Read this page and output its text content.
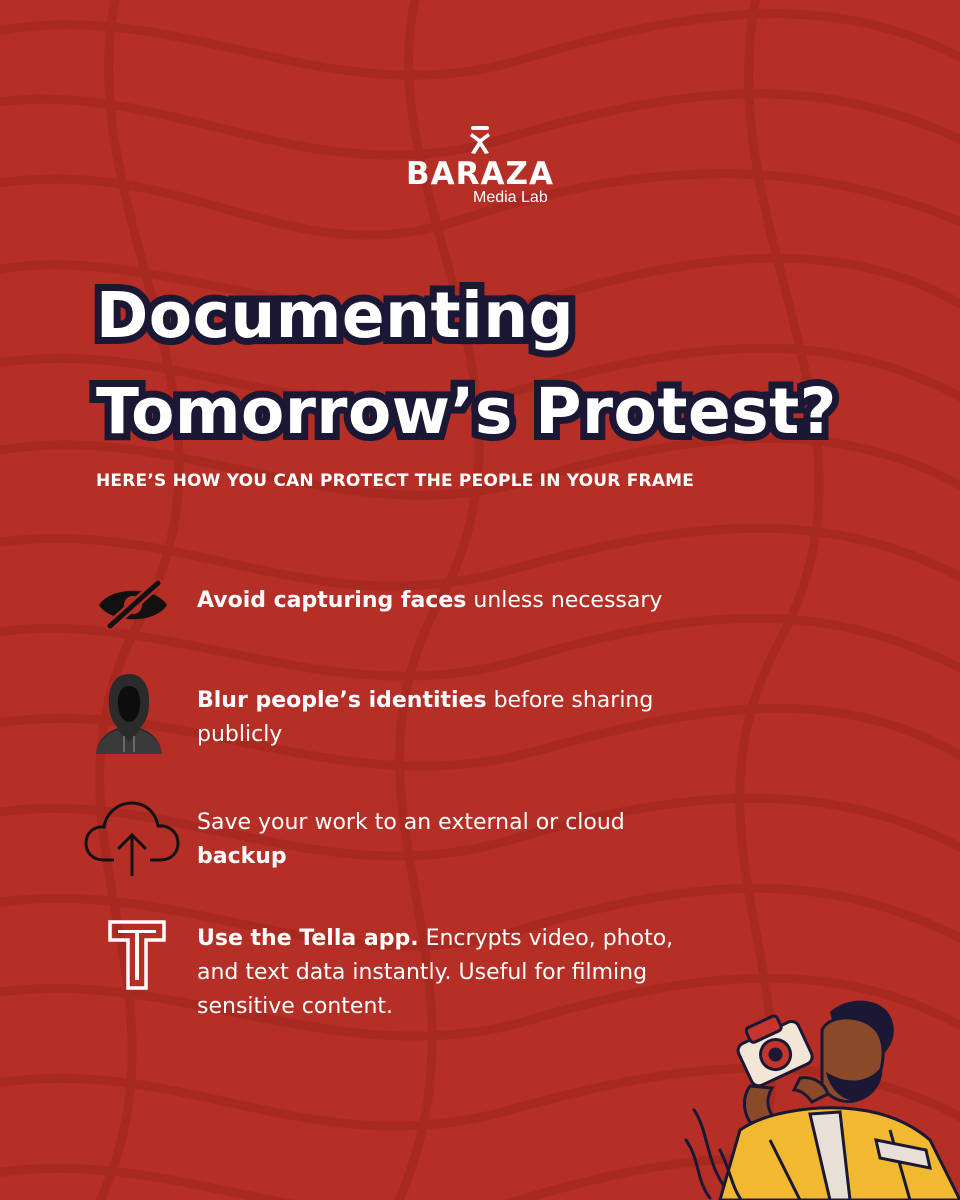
BARAZA
Media Lab
Documenting
Tomorrow’s Protest?
HERE’S HOW YOU CAN PROTECT THE PEOPLE IN YOUR FRAME
Avoid capturing faces unless necessary
Blur people’s identities before sharing publicly
Save your work to an external or cloud backup
Use the Tella app. Encrypts video, photo, and text data instantly. Useful for filming sensitive content.
